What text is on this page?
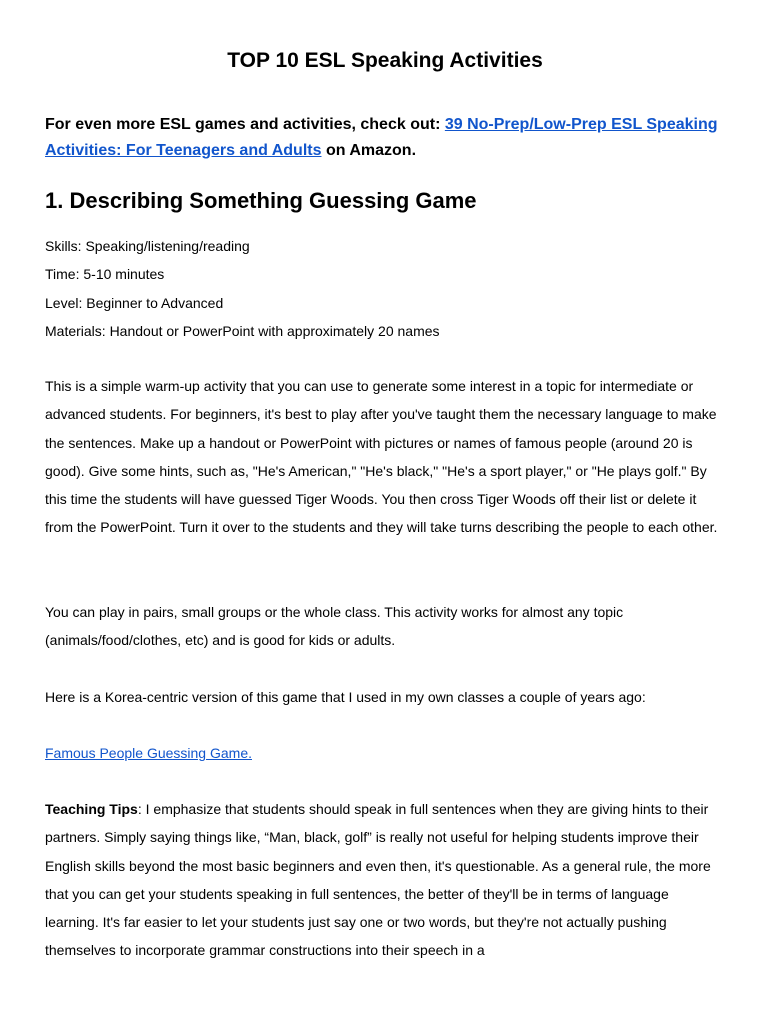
TOP 10 ESL Speaking Activities

For even more ESL games and activities, check out: 39 No-Prep/Low-Prep ESL Speaking Activities: For Teenagers and Adults on Amazon.

1. Describing Something Guessing Game
Skills: Speaking/listening/reading
Time: 5-10 minutes
Level: Beginner to Advanced
Materials: Handout or PowerPoint with approximately 20 names

This is a simple warm-up activity that you can use to generate some interest in a topic for intermediate or advanced students. For beginners, it's best to play after you've taught them the necessary language to make the sentences. Make up a handout or PowerPoint with pictures or names of famous people (around 20 is good). Give some hints, such as, "He's American," "He's black," "He's a sport player," or "He plays golf." By this time the students will have guessed Tiger Woods. You then cross Tiger Woods off their list or delete it from the PowerPoint. Turn it over to the students and they will take turns describing the people to each other.

You can play in pairs, small groups or the whole class. This activity works for almost any topic (animals/food/clothes, etc) and is good for kids or adults.

Here is a Korea-centric version of this game that I used in my own classes a couple of years ago:

Famous People Guessing Game.

Teaching Tips: I emphasize that students should speak in full sentences when they are giving hints to their partners. Simply saying things like, “Man, black, golf” is really not useful for helping students improve their English skills beyond the most basic beginners and even then, it's questionable. As a general rule, the more that you can get your students speaking in full sentences, the better of they'll be in terms of language learning. It's far easier to let your students just say one or two words, but they're not actually pushing themselves to incorporate grammar constructions into their speech in a
